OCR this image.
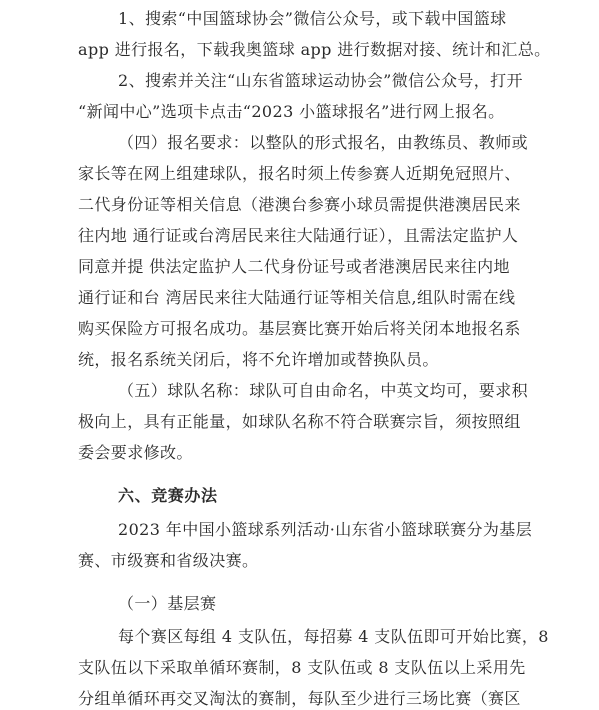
1、搜索“中国篮球协会”微信公众号，或下载中国篮球
app 进行报名，下载我奥篮球 app 进行数据对接、统计和汇总。
2、搜索并关注“山东省篮球运动协会”微信公众号，打开
“新闻中心”选项卡点击“2023 小篮球报名”进行网上报名。
（四）报名要求：以整队的形式报名，由教练员、教师或
家长等在网上组建球队，报名时须上传参赛人近期免冠照片、
二代身份证等相关信息（港澳台参赛小球员需提供港澳居民来
往内地 通行证或台湾居民来往大陆通行证），且需法定监护人
同意并提 供法定监护人二代身份证号或者港澳居民来往内地
通行证和台 湾居民来往大陆通行证等相关信息,组队时需在线
购买保险方可报名成功。基层赛比赛开始后将关闭本地报名系
统，报名系统关闭后，将不允许增加或替换队员。
（五）球队名称：球队可自由命名，中英文均可，要求积
极向上，具有正能量，如球队名称不符合联赛宗旨，须按照组
委会要求修改。
六、竞赛办法
2023 年中国小篮球系列活动·山东省小篮球联赛分为基层
赛、市级赛和省级决赛。
（一）基层赛
每个赛区每组 4 支队伍，每招募 4 支队伍即可开始比赛，8
支队伍以下采取单循环赛制，8 支队伍或 8 支队伍以上采用先
分组单循环再交叉淘汰的赛制，每队至少进行三场比赛（赛区
